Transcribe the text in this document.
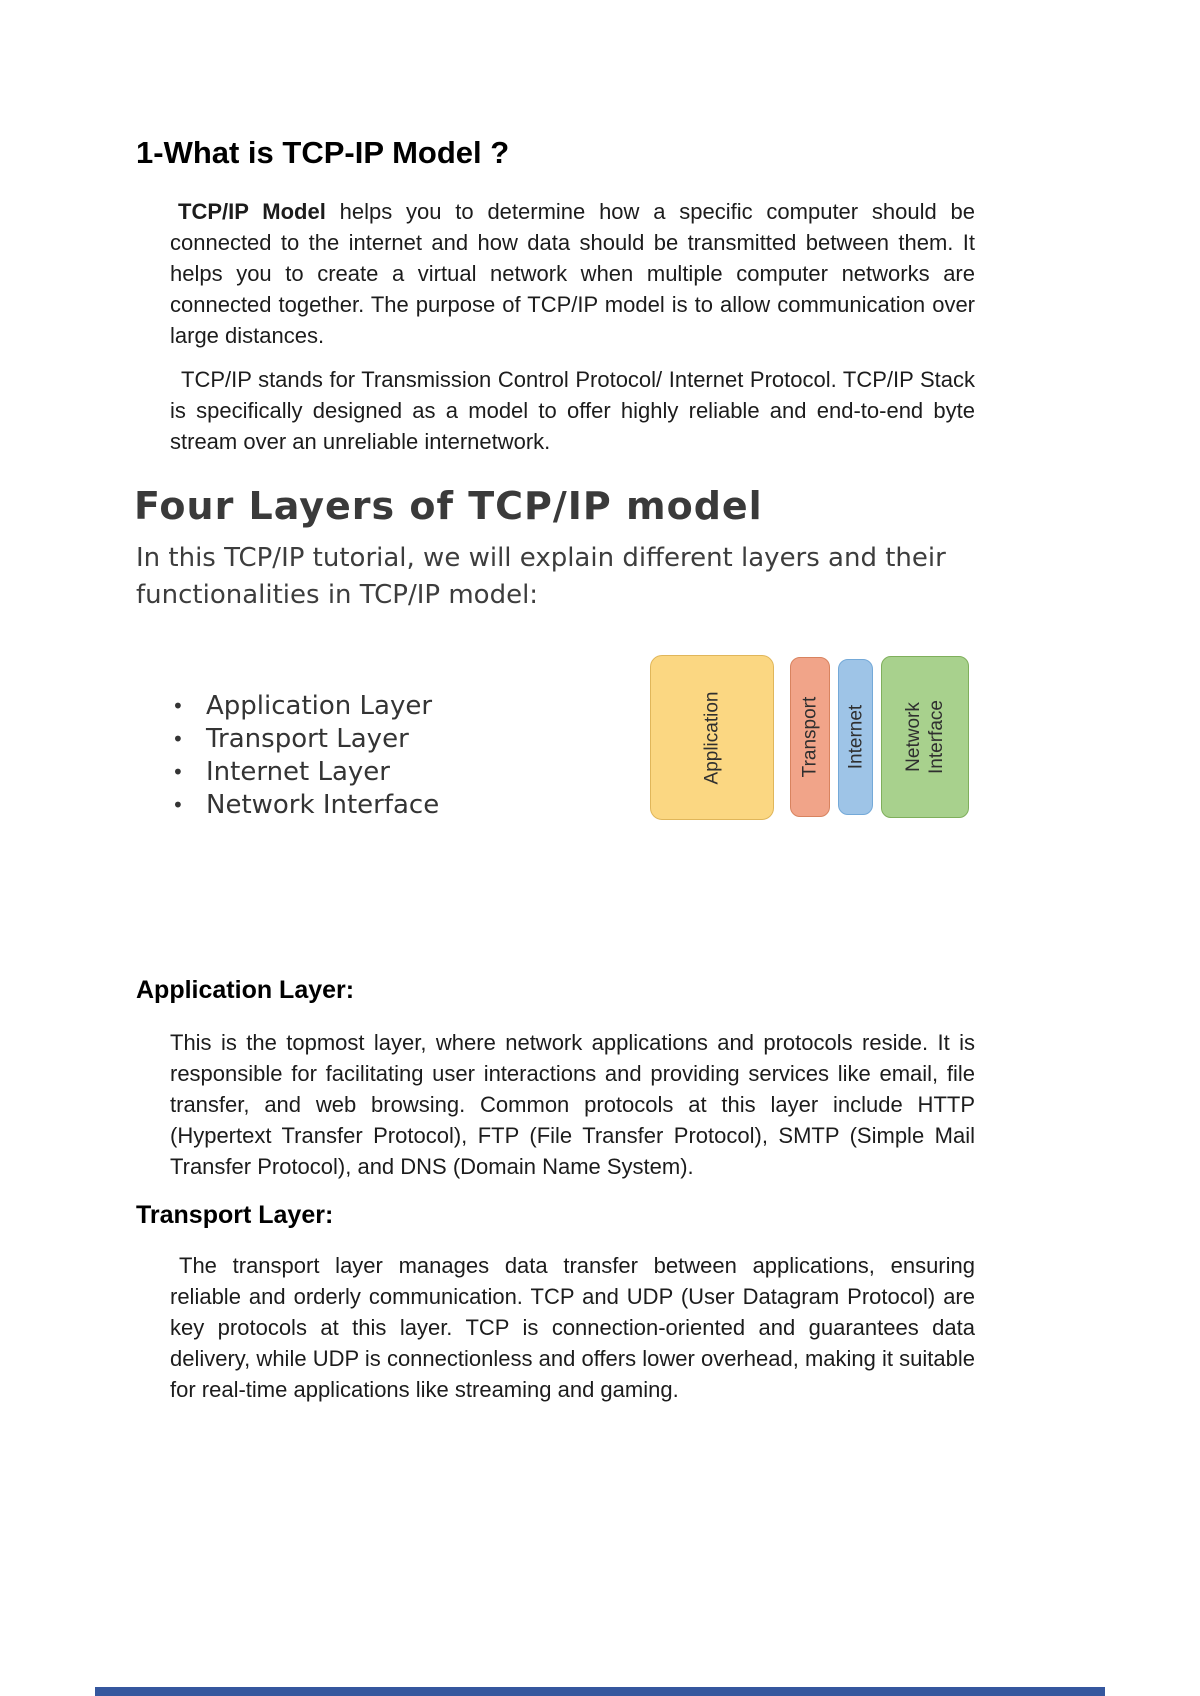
1-What is TCP-IP Model ?

TCP/IP Model helps you to determine how a specific computer should be connected to the internet and how data should be transmitted between them. It helps you to create a virtual network when multiple computer networks are connected together. The purpose of TCP/IP model is to allow communication over large distances.

TCP/IP stands for Transmission Control Protocol/ Internet Protocol. TCP/IP Stack is specifically designed as a model to offer highly reliable and end-to-end byte stream over an unreliable internetwork.

Four Layers of TCP/IP model

In this TCP/IP tutorial, we will explain different layers and their functionalities in TCP/IP model:

• Application Layer
• Transport Layer
• Internet Layer
• Network Interface
Application	Transport Internet Network Interface
Application Layer:

This is the topmost layer, where network applications and protocols reside. It is responsible for facilitating user interactions and providing services like email, file transfer, and web browsing. Common protocols at this layer include HTTP (Hypertext Transfer Protocol), FTP (File Transfer Protocol), SMTP (Simple Mail Transfer Protocol), and DNS (Domain Name System).

Transport Layer:

The transport layer manages data transfer between applications, ensuring reliable and orderly communication. TCP and UDP (User Datagram Protocol) are key protocols at this layer. TCP is connection-oriented and guarantees data delivery, while UDP is connectionless and offers lower overhead, making it suitable for real-time applications like streaming and gaming.
